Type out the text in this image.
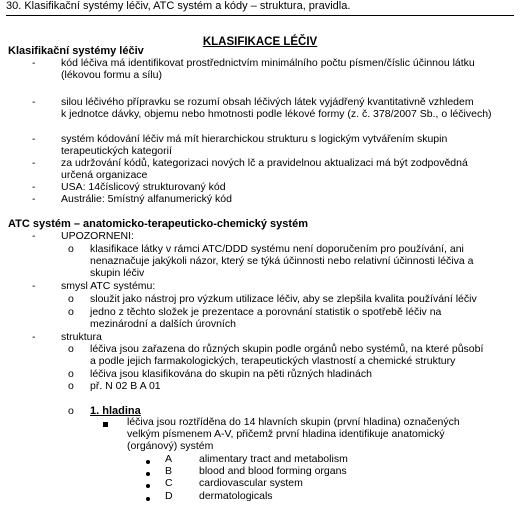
30. Klasifikační systémy léčiv, ATC systém a kódy – struktura, pravidla.
KLASIFIKACE LÉČIV
Klasifikační systémy léčiv
- kód léčiva má identifikovat prostřednictvím minimálního počtu písmen/číslic účinnou látku
(lékovou formu a sílu)
- silou léčivého přípravku se rozumí obsah léčivých látek vyjádřený kvantitativně vzhledem
k jednotce dávky, objemu nebo hmotnosti podle lékové formy (z. č. 378/2007 Sb., o léčivech)
- systém kódování léčiv má mít hierarchickou strukturu s logickým vytvářením skupin
terapeutických kategorií
- za udržování kódů, kategorizaci nových lč a pravidelnou aktualizaci má být zodpovědná
určená organizace
- USA: 14číslicový strukturovaný kód
- Austrálie: 5místný alfanumerický kód
ATC systém – anatomicko-terapeuticko-chemický systém
- UPOZORNENI:
o klasifikace látky v rámci ATC/DDD systému není doporučením pro používání, ani
nenaznačuje jakýkoli názor, který se týká účinnosti nebo relativní účinnosti léčiva a
skupin léčiv
- smysl ATC systému:
o sloužit jako nástroj pro výzkum utilizace léčiv, aby se zlepšila kvalita používání léčiv
o jedno z těchto složek je prezentace a porovnání statistik o spotřebě léčiv na
mezinárodní a dalších úrovních
- struktura
o léčiva jsou zařazena do různých skupin podle orgánů nebo systémů, na které působí
a podle jejich farmakologických, terapeutických vlastností a chemické struktury
o léčiva jsou klasifikována do skupin na pěti různých hladinách
o př. N 02 B A 01
o 1. hladina
léčiva jsou roztříděna do 14 hlavních skupin (první hladina) označených
velkým písmenem A-V, přičemž první hladina identifikuje anatomický
(orgánový) systém
A	alimentary tract and metabolism
B	blood and blood forming organs
C	cardiovascular system
D	dermatologicals
